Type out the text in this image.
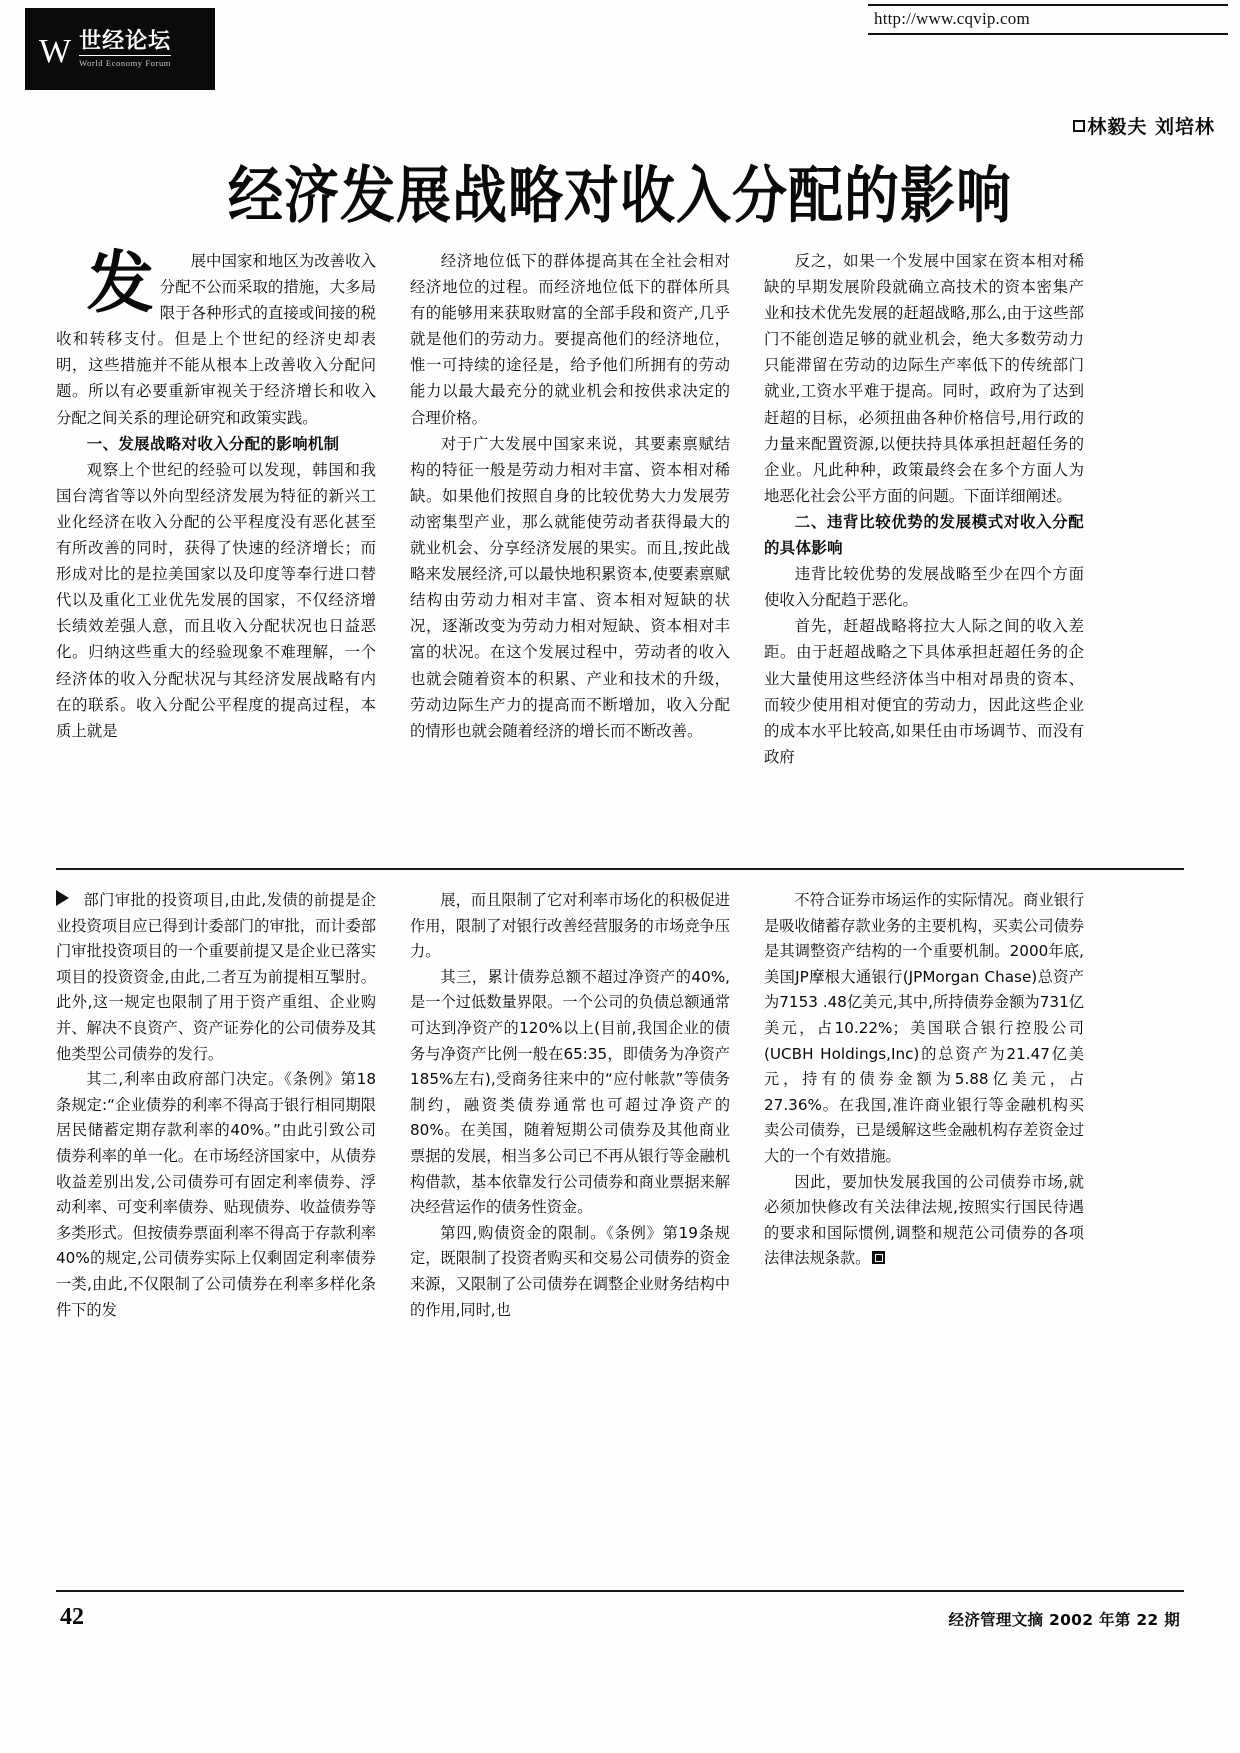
http://www.cqvip.com
W 世经论坛
World Economy Forum
林毅夫 刘培林
经济发展战略对收入分配的影响

发 展中国家和地区为改善收入分配不公而采取的措施，大多局限于各种形式的直接或间接的税收和转移支付。但是上个世纪的经济史却表明，这些措施并不能从根本上改善收入分配问题。所以有必要重新审视关于经济增长和收入分配之间关系的理论研究和政策实践。

一、发展战略对收入分配的影响机制

观察上个世纪的经验可以发现，韩国和我国台湾省等以外向型经济发展为特征的新兴工业化经济在收入分配的公平程度没有恶化甚至有所改善的同时，获得了快速的经济增长；而形成对比的是拉美国家以及印度等奉行进口替代以及重化工业优先发展的国家，不仅经济增长绩效差强人意，而且收入分配状况也日益恶化。归纳这些重大的经验现象不难理解，一个经济体的收入分配状况与其经济发展战略有内在的联系。收入分配公平程度的提高过程，本质上就是

经济地位低下的群体提高其在全社会相对经济地位的过程。而经济地位低下的群体所具有的能够用来获取财富的全部手段和资产,几乎就是他们的劳动力。要提高他们的经济地位，惟一可持续的途径是，给予他们所拥有的劳动能力以最大最充分的就业机会和按供求决定的合理价格。

对于广大发展中国家来说，其要素禀赋结构的特征一般是劳动力相对丰富、资本相对稀缺。如果他们按照自身的比较优势大力发展劳动密集型产业，那么就能使劳动者获得最大的就业机会、分享经济发展的果实。而且,按此战略来发展经济,可以最快地积累资本,使要素禀赋结构由劳动力相对丰富、资本相对短缺的状况，逐渐改变为劳动力相对短缺、资本相对丰富的状况。在这个发展过程中，劳动者的收入也就会随着资本的积累、产业和技术的升级，劳动边际生产力的提高而不断增加，收入分配的情形也就会随着经济的增长而不断改善。

反之，如果一个发展中国家在资本相对稀缺的早期发展阶段就确立高技术的资本密集产业和技术优先发展的赶超战略,那么,由于这些部门不能创造足够的就业机会，绝大多数劳动力只能滞留在劳动的边际生产率低下的传统部门就业,工资水平难于提高。同时，政府为了达到赶超的目标，必须扭曲各种价格信号,用行政的力量来配置资源,以便扶持具体承担赶超任务的企业。凡此种种，政策最终会在多个方面人为地恶化社会公平方面的问题。下面详细阐述。

二、违背比较优势的发展模式对收入分配的具体影响

违背比较优势的发展战略至少在四个方面使收入分配趋于恶化。

首先，赶超战略将拉大人际之间的收入差距。由于赶超战略之下具体承担赶超任务的企业大量使用这些经济体当中相对昂贵的资本、而较少使用相对便宜的劳动力，因此这些企业的成本水平比较高,如果任由市场调节、而没有政府

部门审批的投资项目,由此,发债的前提是企业投资项目应已得到计委部门的审批，而计委部门审批投资项目的一个重要前提又是企业已落实项目的投资资金,由此,二者互为前提相互掣肘。此外,这一规定也限制了用于资产重组、企业购并、解决不良资产、资产证券化的公司债券及其他类型公司债券的发行。

其二,利率由政府部门决定。《条例》第18条规定:“企业债券的利率不得高于银行相同期限居民储蓄定期存款利率的40%。”由此引致公司债券利率的单一化。在市场经济国家中，从债券收益差别出发,公司债券可有固定利率债券、浮动利率、可变利率债券、贴现债券、收益债券等多类形式。但按债券票面利率不得高于存款利率40%的规定,公司债券实际上仅剩固定利率债券一类,由此,不仅限制了公司债券在利率多样化条件下的发

展，而且限制了它对利率市场化的积极促进作用，限制了对银行改善经营服务的市场竞争压力。

其三，累计债券总额不超过净资产的40%,是一个过低数量界限。一个公司的负债总额通常可达到净资产的120%以上(目前,我国企业的债务与净资产比例一般在65:35，即债务为净资产185%左右),受商务往来中的“应付帐款”等债务制约，融资类债券通常也可超过净资产的80%。在美国，随着短期公司债券及其他商业票据的发展，相当多公司已不再从银行等金融机构借款，基本依靠发行公司债券和商业票据来解决经营运作的债务性资金。

第四,购债资金的限制。《条例》第19条规定，既限制了投资者购买和交易公司债券的资金来源，又限制了公司债券在调整企业财务结构中的作用,同时,也

不符合证券市场运作的实际情况。商业银行是吸收储蓄存款业务的主要机构，买卖公司债券是其调整资产结构的一个重要机制。2000年底,美国JP摩根大通银行(JPMorgan Chase)总资产为7153 .48亿美元,其中,所持债券金额为731亿美元，占10.22%；美国联合银行控股公司(UCBH Holdings,Inc)的总资产为21.47亿美元，持有的债券金额为5.88亿美元，占27.36%。在我国,准许商业银行等金融机构买卖公司债券，已是缓解这些金融机构存差资金过大的一个有效措施。

因此，要加快发展我国的公司债券市场,就必须加快修改有关法律法规,按照实行国民待遇的要求和国际惯例,调整和规范公司债券的各项法律法规条款。

42	经济管理文摘 2002 年第 22 期
